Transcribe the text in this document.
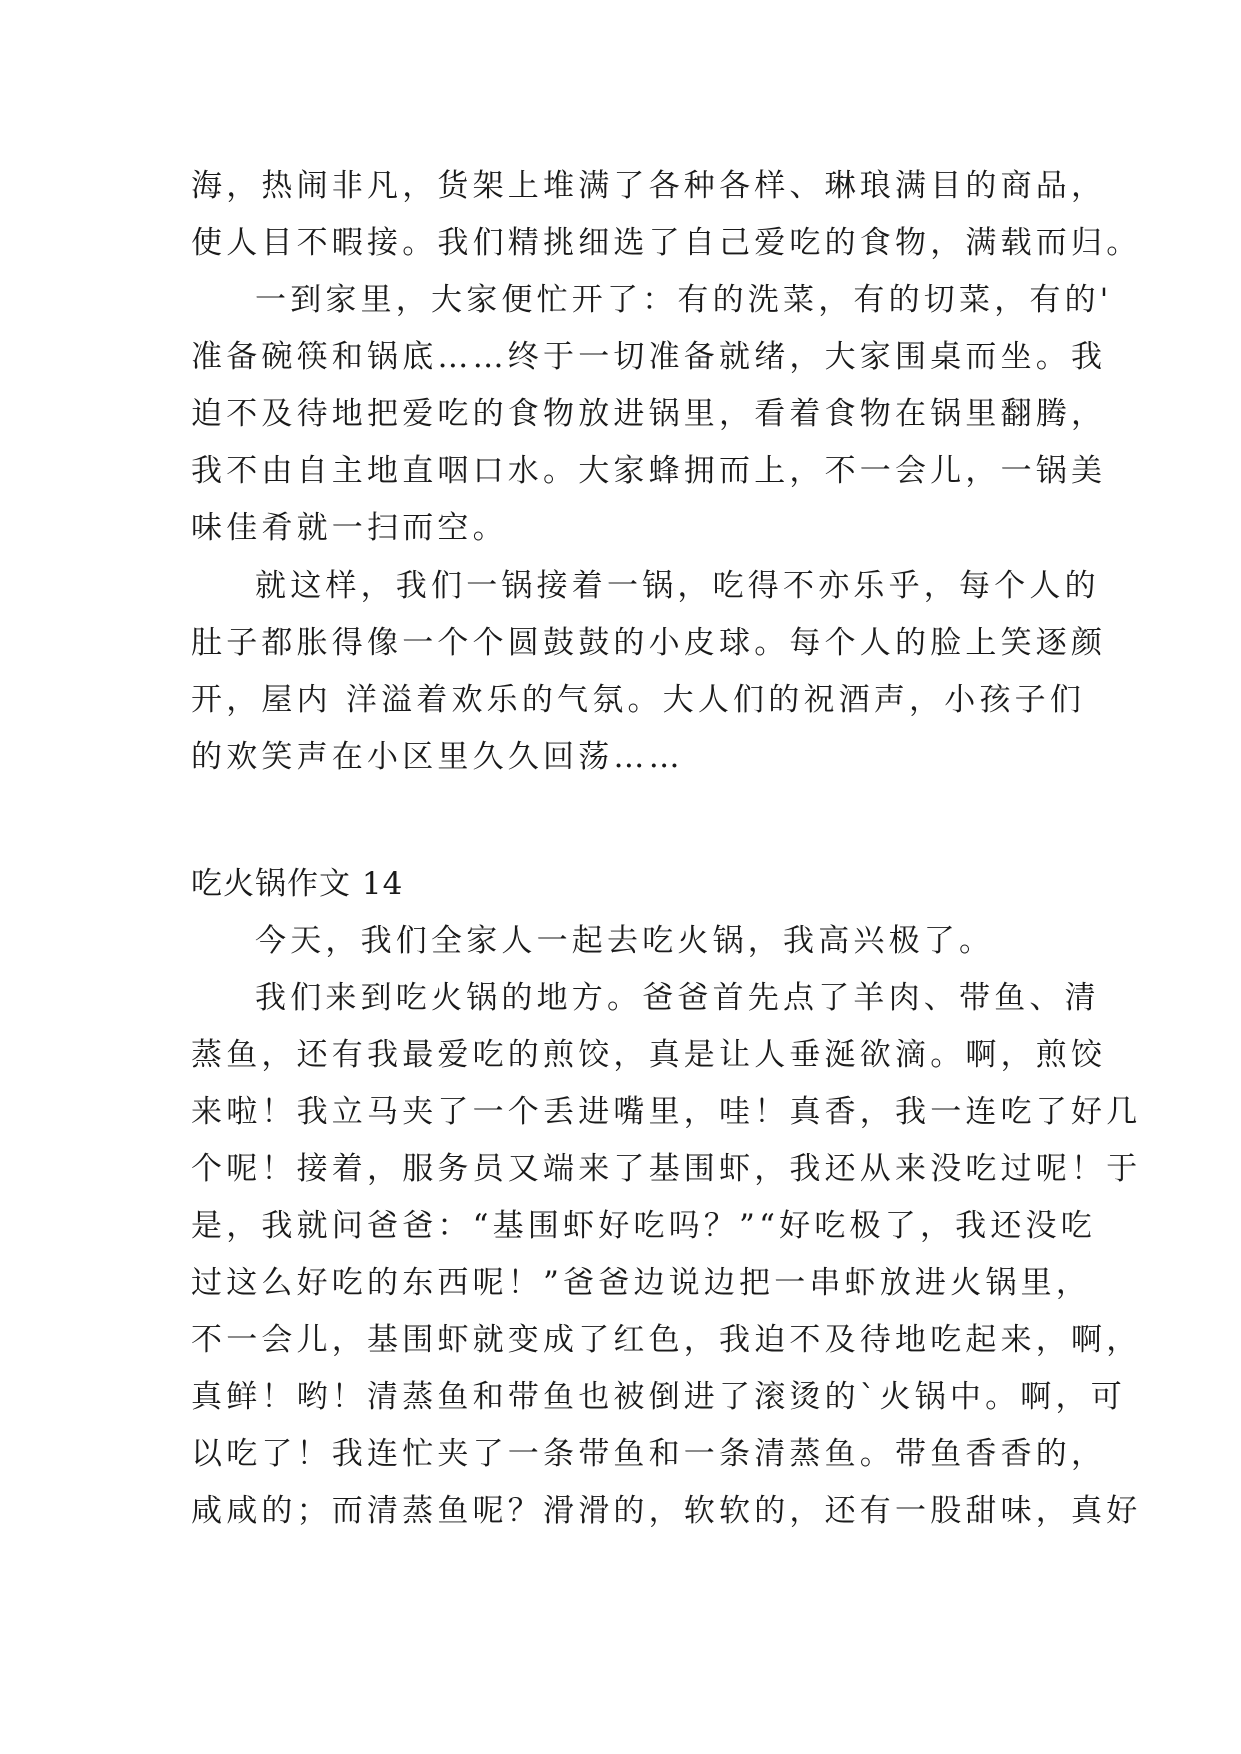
海，热闹非凡，货架上堆满了各种各样、琳琅满目的商品，
使人目不暇接。我们精挑细选了自己爱吃的食物，满载而归。
一到家里，大家便忙开了：有的洗菜，有的切菜，有的'
准备碗筷和锅底……终于一切准备就绪，大家围桌而坐。我
迫不及待地把爱吃的食物放进锅里，看着食物在锅里翻腾，
我不由自主地直咽口水。大家蜂拥而上，不一会儿，一锅美
味佳肴就一扫而空。
就这样，我们一锅接着一锅，吃得不亦乐乎，每个人的
肚子都胀得像一个个圆鼓鼓的小皮球。每个人的脸上笑逐颜
开，屋内 洋溢着欢乐的气氛。大人们的祝酒声，小孩子们
的欢笑声在小区里久久回荡……
吃火锅作文 14
今天，我们全家人一起去吃火锅，我高兴极了。
我们来到吃火锅的地方。爸爸首先点了羊肉、带鱼、清
蒸鱼，还有我最爱吃的煎饺，真是让人垂涎欲滴。啊，煎饺
来啦！我立马夹了一个丢进嘴里，哇！真香，我一连吃了好几
个呢！接着，服务员又端来了基围虾，我还从来没吃过呢！于
是，我就问爸爸：“基围虾好吃吗？”“好吃极了，我还没吃
过这么好吃的东西呢！”爸爸边说边把一串虾放进火锅里，
不一会儿，基围虾就变成了红色，我迫不及待地吃起来，啊，
真鲜！哟！清蒸鱼和带鱼也被倒进了滚烫的`火锅中。啊，可
以吃了！我连忙夹了一条带鱼和一条清蒸鱼。带鱼香香的，
咸咸的；而清蒸鱼呢？滑滑的，软软的，还有一股甜味，真好
